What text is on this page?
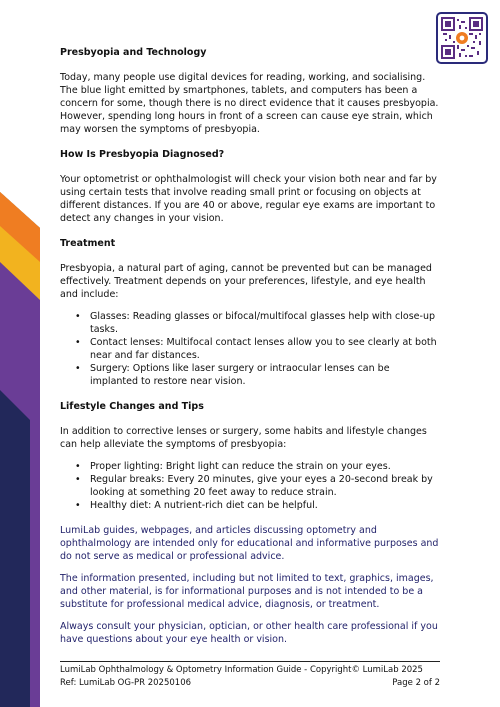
Presbyopia and Technology

Today, many people use digital devices for reading, working, and socialising. The blue light emitted by smartphones, tablets, and computers has been a concern for some, though there is no direct evidence that it causes presbyopia. However, spending long hours in front of a screen can cause eye strain, which may worsen the symptoms of presbyopia.

How Is Presbyopia Diagnosed?

Your optometrist or ophthalmologist will check your vision both near and far by using certain tests that involve reading small print or focusing on objects at different distances. If you are 40 or above, regular eye exams are important to detect any changes in your vision.

Treatment

Presbyopia, a natural part of aging, cannot be prevented but can be managed effectively. Treatment depends on your preferences, lifestyle, and eye health and include:

• Glasses: Reading glasses or bifocal/multifocal glasses help with close-up tasks.
• Contact lenses: Multifocal contact lenses allow you to see clearly at both near and far distances.
• Surgery: Options like laser surgery or intraocular lenses can be implanted to restore near vision.
Lifestyle Changes and Tips

In addition to corrective lenses or surgery, some habits and lifestyle changes can help alleviate the symptoms of presbyopia:

• Proper lighting: Bright light can reduce the strain on your eyes.
• Regular breaks: Every 20 minutes, give your eyes a 20-second break by looking at something 20 feet away to reduce strain.
• Healthy diet: A nutrient-rich diet can be helpful.

LumiLab guides, webpages, and articles discussing optometry and ophthalmology are intended only for educational and informative purposes and do not serve as medical or professional advice.

The information presented, including but not limited to text, graphics, images, and other material, is for informational purposes and is not intended to be a substitute for professional medical advice, diagnosis, or treatment.

Always consult your physician, optician, or other health care professional if you have questions about your eye health or vision.

LumiLab Ophthalmology & Optometry Information Guide - Copyright© LumiLab 2025
Ref: LumiLab OG-PR 20250106	Page 2 of 2
